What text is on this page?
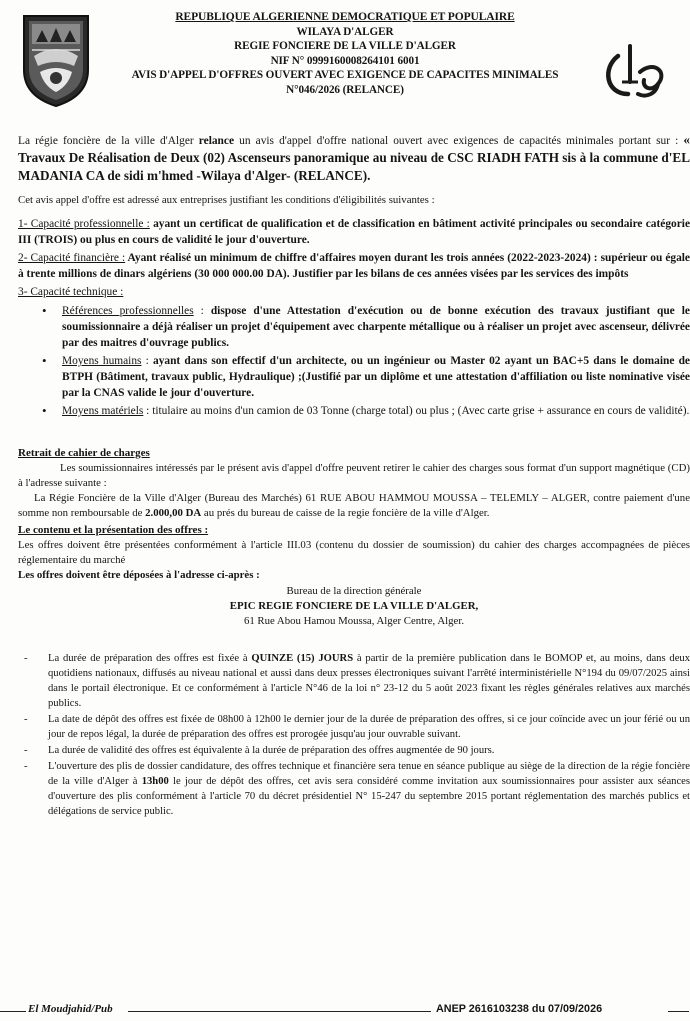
REPUBLIQUE ALGERIENNE DEMOCRATIQUE ET POPULAIRE
WILAYA D'ALGER
REGIE FONCIERE DE LA VILLE D'ALGER
NIF N° 0999160008264101 6001
AVIS D'APPEL D'OFFRES OUVERT AVEC EXIGENCE DE CAPACITES MINIMALES
N°046/2026 (RELANCE)

La régie foncière de la ville d'Alger relance un avis d'appel d'offre national ouvert avec exigences de capacités minimales portant sur : « Travaux De Réalisation de Deux (02) Ascenseurs panoramique au niveau de CSC RIADH FATH sis à la commune d'EL MADANIA CA de sidi m'hmed -Wilaya d'Alger- (RELANCE).

Cet avis appel d'offre est adressé aux entreprises justifiant les conditions d'éligibilités suivantes :

1- Capacité professionnelle : ayant un certificat de qualification et de classification en bâtiment activité principales ou secondaire catégorie III (TROIS) ou plus en cours de validité le jour d'ouverture.

2- Capacité financière : Ayant réalisé un minimum de chiffre d'affaires moyen durant les trois années (2022-2023-2024) : supérieur ou égale à trente millions de dinars algériens (30 000 000.00 DA). Justifier par les bilans de ces années visées par les services des impôts

3- Capacité technique :

• Références professionnelles : dispose d'une Attestation d'exécution ou de bonne exécution des travaux justifiant que le soumissionnaire a déjà réaliser un projet d'équipement avec charpente métallique ou à réaliser un projet avec ascenseur, délivrée par des maitres d'ouvrage publics.
• Moyens humains : ayant dans son effectif d'un architecte, ou un ingénieur ou Master 02 ayant un BAC+5 dans le domaine de BTPH (Bâtiment, travaux public, Hydraulique) ;(Justifié par un diplôme et une attestation d'affiliation ou liste nominative visée par la CNAS valide le jour d'ouverture.
• Moyens matériels : titulaire au moins d'un camion de 03 Tonne (charge total) ou plus ; (Avec carte grise + assurance en cours de validité).

Retrait de cahier de charges

Les soumissionnaires intéressés par le présent avis d'appel d'offre peuvent retirer le cahier des charges sous format d'un support magnétique (CD) à l'adresse suivante :

La Régie Foncière de la Ville d'Alger (Bureau des Marchés) 61 RUE ABOU HAMMOU MOUSSA – TELEMLY – ALGER, contre paiement d'une somme non remboursable de 2.000,00 DA au prés du bureau de caisse de la regie foncière de la ville d'Alger.

Le contenu et la présentation des offres :

Les offres doivent être présentées conformément à l'article III.03 (contenu du dossier de soumission) du cahier des charges accompagnées de pièces réglementaire du marché

Les offres doivent être déposées à l'adresse ci-après :

Bureau de la direction générale
EPIC REGIE FONCIERE DE LA VILLE D'ALGER,
61 Rue Abou Hamou Moussa, Alger Centre, Alger.
- La durée de préparation des offres est fixée à QUINZE (15) JOURS à partir de la première publication dans le BOMOP et, au moins, dans deux quotidiens nationaux, diffusés au niveau national et aussi dans deux presses électroniques suivant l'arrêté interministérielle N°194 du 09/07/2025 ainsi dans le portail électronique. Et ce conformément à l'article N°46 de la loi n° 23-12 du 5 août 2023 fixant les règles générales relatives aux marchés publics.
- La date de dépôt des offres est fixée de 08h00 à 12h00 le dernier jour de la durée de préparation des offres, si ce jour coïncide avec un jour férié ou un jour de repos légal, la durée de préparation des offres est prorogée jusqu'au jour ouvrable suivant.
- La durée de validité des offres est équivalente à la durée de préparation des offres augmentée de 90 jours.
- L'ouverture des plis de dossier candidature, des offres technique et financière sera tenue en séance publique au siège de la direction de la régie foncière de la ville d'Alger à 13h00 le jour de dépôt des offres, cet avis sera considéré comme invitation aux soumissionnaires pour assister aux séances d'ouverture des plis conformément à l'article 70 du décret présidentiel N° 15-247 du septembre 2015 portant réglementation des marchés publics et délégations de service public.
El Moudjahid/Pub	ANEP 2616103238 du 07/09/2026
